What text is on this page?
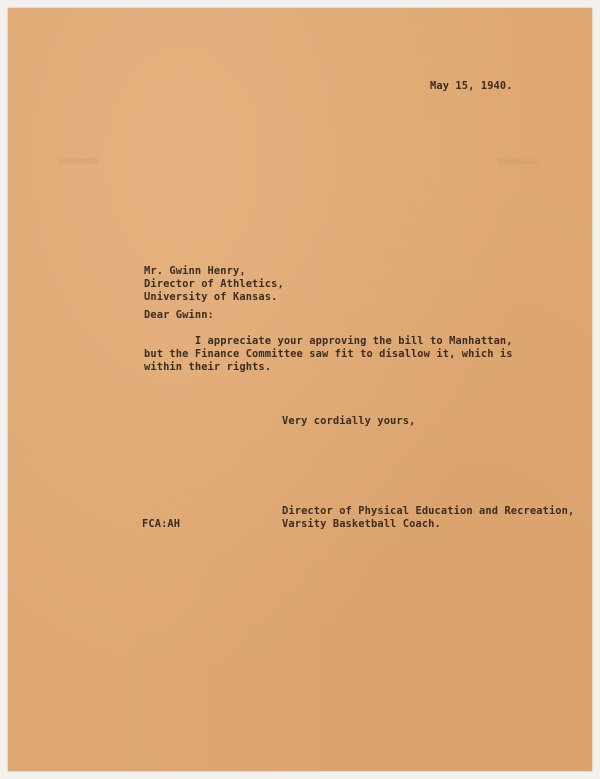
May 15, 1940.
Mr. Gwinn Henry,
Director of Athletics,
University of Kansas.
Dear Gwinn:
I appreciate your approving the bill to Manhattan,
but the Finance Committee saw fit to disallow it, which is
within their rights.
Very cordially yours,
FCA:AH
Director of Physical Education and Recreation,
Varsity Basketball Coach.
